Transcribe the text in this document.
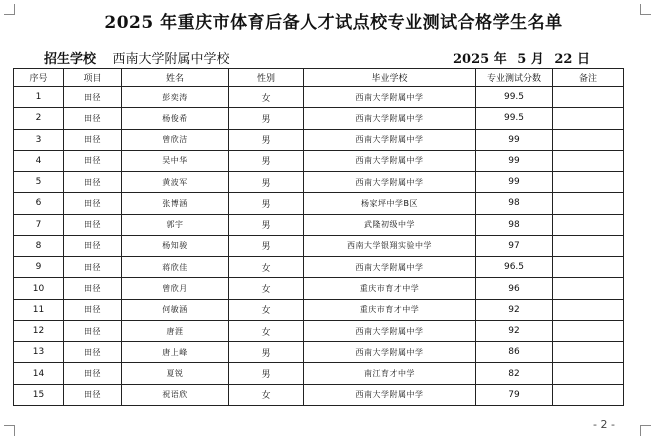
2025 年重庆市体育后备人才试点校专业测试合格学生名单
招生学校 西南大学附属中学校	2025 年 5 月 22 日
序号	项目	姓名	性别	毕业学校	专业测试分数	备注
1	田径	彭奕涛	女	西南大学附属中学	99.5	
2	田径	杨俊希	男	西南大学附属中学	99.5	
3	田径	曾欣洁	男	西南大学附属中学	99	
4	田径	吴中华	男	西南大学附属中学	99	
5	田径	黄波军	男	西南大学附属中学	99	
6	田径	张博涵	男	杨家坪中学B区	98	
7	田径	郭宇	男	武隆初级中学	98	
8	田径	杨知骏	男	西南大学银翔实验中学	97	
9	田径	蒋欣佳	女	西南大学附属中学	96.5	
10	田径	曾欣月	女	重庆市育才中学	96	
11	田径	何敏涵	女	重庆市育才中学	92	
12	田径	唐涯	女	西南大学附属中学	92	
13	田径	唐上峰	男	西南大学附属中学	86	
14	田径	夏锐	男	南江育才中学	82	
15	田径	祝语欣	女	西南大学附属中学	79	
- 2 -
